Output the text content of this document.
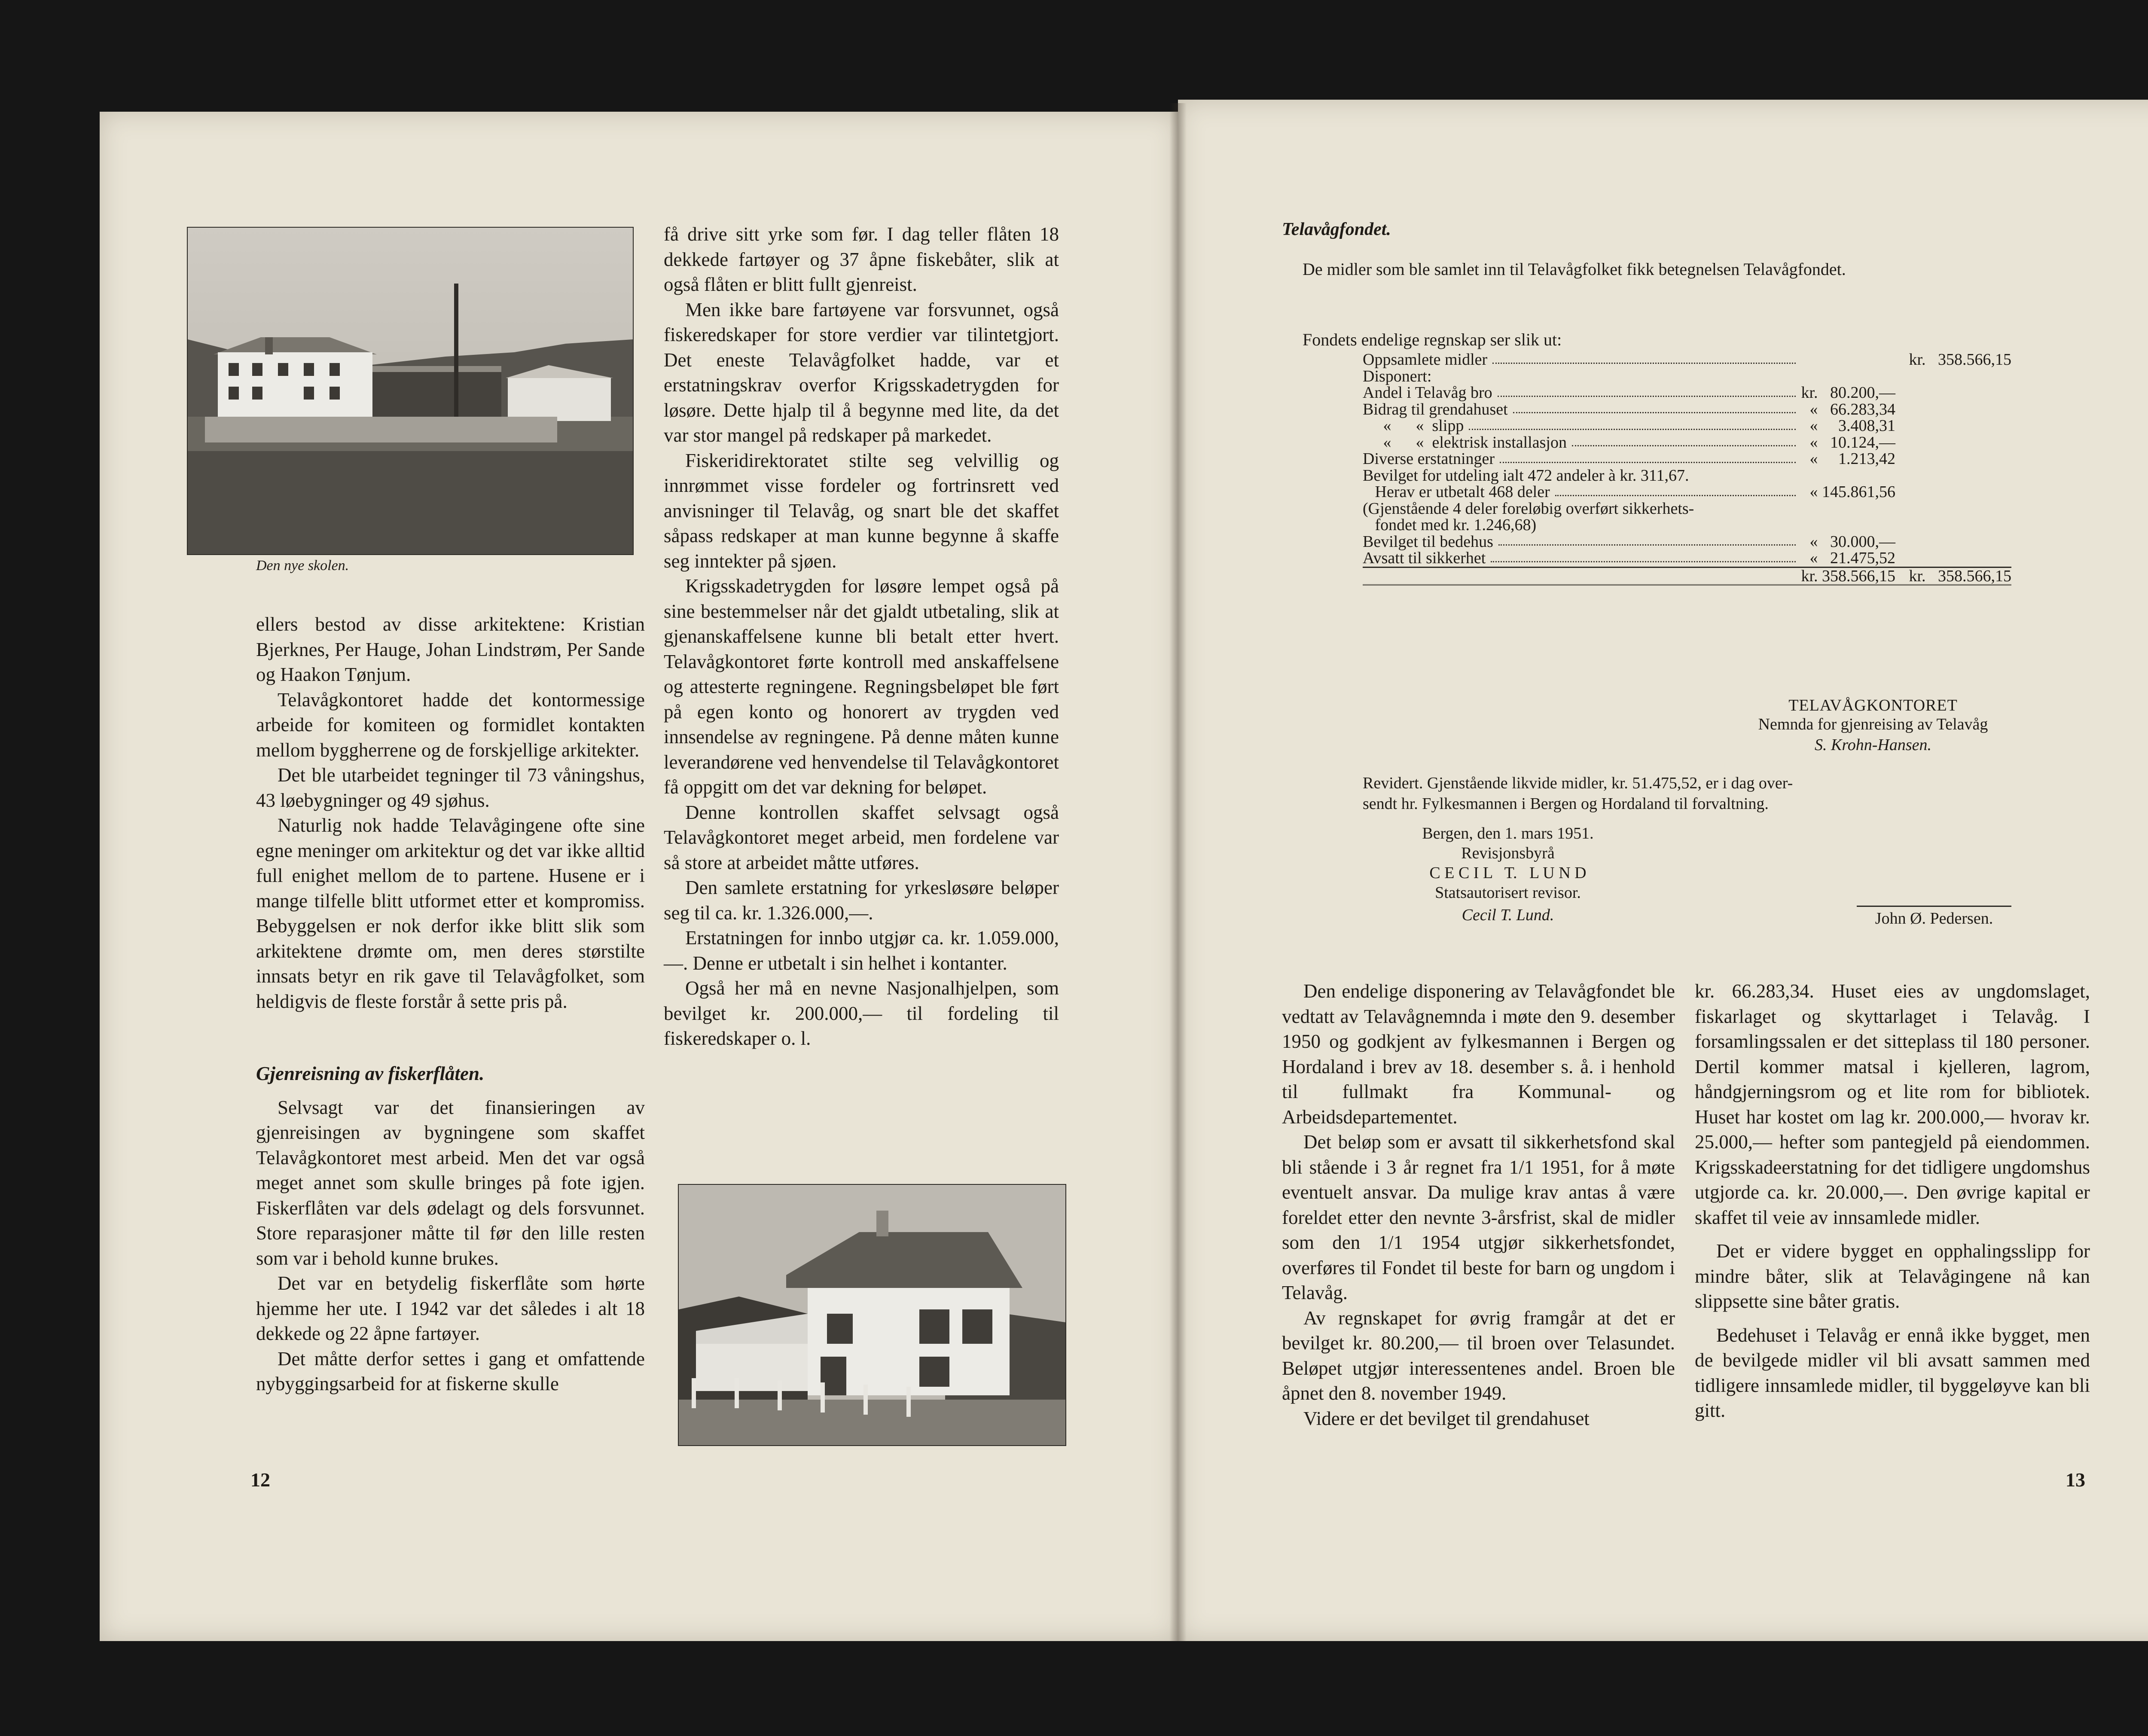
Den nye skolen.

ellers bestod av disse arkitektene: Kristian Bjerknes, Per Hauge, Johan Lindstrøm, Per Sande og Haakon Tønjum.

Telavågkontoret hadde det kontormessige arbeide for komiteen og formidlet kontakten mellom byggherrene og de forskjellige arkitekter.

Det ble utarbeidet tegninger til 73 våningshus, 43 løebygninger og 49 sjøhus.

Naturlig nok hadde Telavågingene ofte sine egne meninger om arkitektur og det var ikke alltid full enighet mellom de to partene. Husene er i mange tilfelle blitt utformet etter et kompromiss. Bebyggelsen er nok derfor ikke blitt slik som arkitektene drømte om, men deres størstilte innsats betyr en rik gave til Telavågfolket, som heldigvis de fleste forstår å sette pris på.

Gjenreisning av fiskerflåten.

Selvsagt var det finansieringen av gjenreisingen av bygningene som skaffet Telavågkontoret mest arbeid. Men det var også meget annet som skulle bringes på fote igjen. Fiskerflåten var dels ødelagt og dels forsvunnet. Store reparasjoner måtte til før den lille resten som var i behold kunne brukes.

Det var en betydelig fiskerflåte som hørte hjemme her ute. I 1942 var det således i alt 18 dekkede og 22 åpne fartøyer.

Det måtte derfor settes i gang et omfattende nybyggingsarbeid for at fiskerne skulle

få drive sitt yrke som før. I dag teller flåten 18 dekkede fartøyer og 37 åpne fiskebåter, slik at også flåten er blitt fullt gjenreist.

Men ikke bare fartøyene var forsvunnet, også fiskeredskaper for store verdier var tilintetgjort. Det eneste Telavågfolket hadde, var et erstatningskrav overfor Krigsskadetrygden for løsøre. Dette hjalp til å begynne med lite, da det var stor mangel på redskaper på markedet.

Fiskeridirektoratet stilte seg velvillig og innrømmet visse fordeler og fortrinsrett ved anvisninger til Telavåg, og snart ble det skaffet såpass redskaper at man kunne begynne å skaffe seg inntekter på sjøen.

Krigsskadetrygden for løsøre lempet også på sine bestemmelser når det gjaldt utbetaling, slik at gjenanskaffelsene kunne bli betalt etter hvert. Telavågkontoret førte kontroll med anskaffelsene og attesterte regningene. Regningsbeløpet ble ført på egen konto og honorert av trygden ved innsendelse av regningene. På denne måten kunne leverandørene ved henvendelse til Telavågkontoret få oppgitt om det var dekning for beløpet.

Denne kontrollen skaffet selvsagt også Telavågkontoret meget arbeid, men fordelene var så store at arbeidet måtte utføres.

Den samlete erstatning for yrkesløsøre beløper seg til ca. kr. 1.326.000,—.

Erstatningen for innbo utgjør ca. kr. 1.059.000,—. Denne er utbetalt i sin helhet i kontanter.

Også her må en nevne Nasjonalhjelpen, som bevilget kr. 200.000,— til fordeling til fiskeredskaper o. l.

12
Telavågfondet.
De midler som ble samlet inn til Telavågfolket fikk betegnelsen Telavågfondet.
Fondets endelige regnskap ser slik ut:
Oppsamlete midler	kr.   358.566,15
Disponert:
Andel i Telavåg bro	kr.   80.200,—
Bidrag til grendahuset	«   66.283,34
«      «  slipp	«     3.408,31
«      «  elektrisk installasjon	«   10.124,—
Diverse erstatninger	«     1.213,42
Bevilget for utdeling ialt 472 andeler à kr. 311,67.
Herav er utbetalt 468 deler	« 145.861,56
(Gjenstående 4 deler foreløbig overført sikkerhets-
fondet med kr. 1.246,68)
Bevilget til bedehus	«   30.000,—
Avsatt til sikkerhet	«   21.475,52
kr. 358.566,15 kr.   358.566,15
TELAVÅGKONTORET
Nemnda for gjenreising av Telavåg
S. Krohn-Hansen.
Revidert. Gjenstående likvide midler, kr. 51.475,52, er i dag over-
sendt hr. Fylkesmannen i Bergen og Hordaland til forvaltning.
Bergen, den 1. mars 1951.
Revisjonsbyrå
C E C I L   T.   L U N D
Statsautorisert revisor.
Cecil T. Lund.	John Ø. Pedersen.

Den endelige disponering av Telavågfondet ble vedtatt av Telavågnemnda i møte den 9. desember 1950 og godkjent av fylkesmannen i Bergen og Hordaland i brev av 18. desember s. å. i henhold til fullmakt fra Kommunal- og Arbeidsdepartementet.

Det beløp som er avsatt til sikkerhetsfond skal bli stående i 3 år regnet fra 1/1 1951, for å møte eventuelt ansvar. Da mulige krav antas å være foreldet etter den nevnte 3-årsfrist, skal de midler som den 1/1 1954 utgjør sikkerhetsfondet, overføres til Fondet til beste for barn og ungdom i Telavåg.

Av regnskapet for øvrig framgår at det er bevilget kr. 80.200,— til broen over Telasundet. Beløpet utgjør interessentenes andel. Broen ble åpnet den 8. november 1949.

Videre er det bevilget til grendahuset

kr. 66.283,34. Huset eies av ungdomslaget, fiskarlaget og skyttarlaget i Telavåg. I forsamlingssalen er det sitteplass til 180 personer. Dertil kommer matsal i kjelleren, lagrom, håndgjerningsrom og et lite rom for bibliotek. Huset har kostet om lag kr. 200.000,— hvorav kr. 25.000,— hefter som pantegjeld på eiendommen. Krigsskadeerstatning for det tidligere ungdomshus utgjorde ca. kr. 20.000,—. Den øvrige kapital er skaffet til veie av innsamlede midler.

Det er videre bygget en opphalingsslipp for mindre båter, slik at Telavågingene nå kan slippsette sine båter gratis.

Bedehuset i Telavåg er ennå ikke bygget, men de bevilgede midler vil bli avsatt sammen med tidligere innsamlede midler, til byggeløyve kan bli gitt.

13
